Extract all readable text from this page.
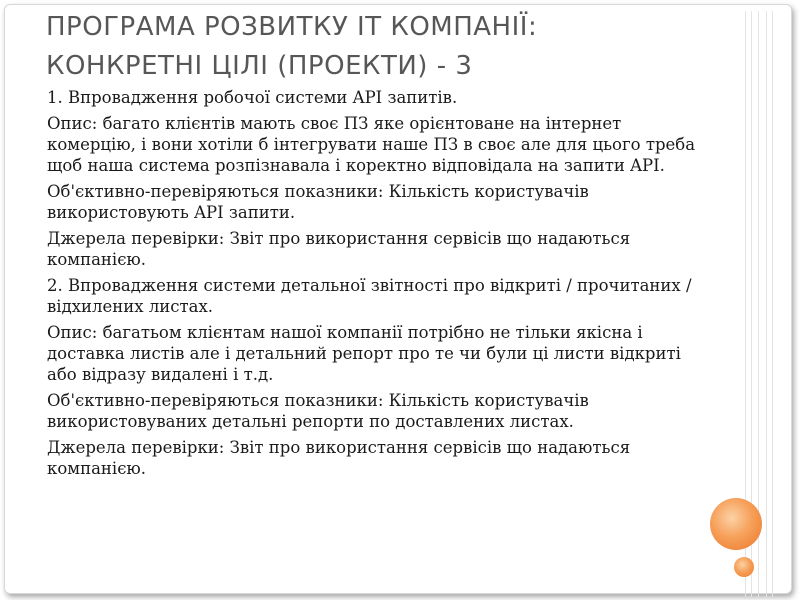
ПРОГРАМА РОЗВИТКУ ІТ КОМПАНІЇ:
КОНКРЕТНІ ЦІЛІ (ПРОЕКТИ) - 3

1. Впровадження робочої системи API запитів.

Опис: багато клієнтів мають своє ПЗ яке орієнтоване на інтернет комерцію, і вони хотіли б інтегрувати наше ПЗ в своє але для цього треба щоб наша система розпізнавала і коректно відповідала на запити API.

Об'єктивно-перевіряються показники: Кількість користувачів використовують API запити.

Джерела перевірки: Звіт про використання сервісів що надаються компанією.

2. Впровадження системи детальної звітності про відкриті / прочитаних / відхилених листах.

Опис: багатьом клієнтам нашої компанії потрібно не тільки якісна і доставка листів але і детальний репорт про те чи були ці листи відкриті або відразу видалені і т.д.

Об'єктивно-перевіряються показники: Кількість користувачів використовуваних детальні репорти по доставлених листах.

Джерела перевірки: Звіт про використання сервісів що надаються компанією.
